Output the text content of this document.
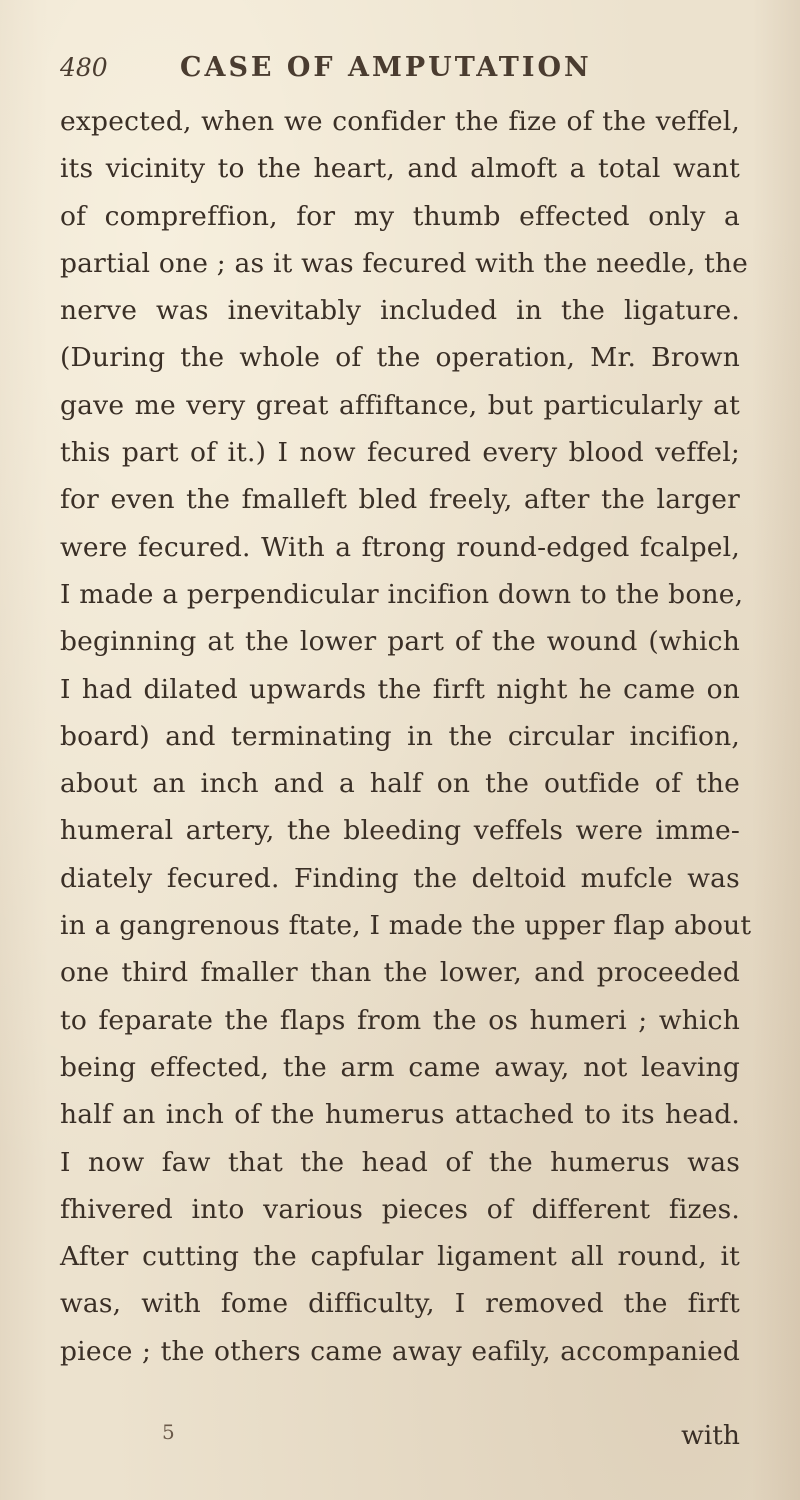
480	CASE OF AMPUTATION
expected, when we confider the fize of the veffel,
its vicinity to the heart, and almoft a total want
of compreffion, for my thumb effected only a
partial one ; as it was fecured with the needle, the
nerve was inevitably included in the ligature.
(During the whole of the operation, Mr. Brown
gave me very great affiftance, but particularly at
this part of it.) I now fecured every blood veffel;
for even the fmalleft bled freely, after the larger
were fecured. With a ftrong round-edged fcalpel,
I made a perpendicular incifion down to the bone,
beginning at the lower part of the wound (which
I had dilated upwards the firft night he came on
board) and terminating in the circular incifion,
about an inch and a half on the outfide of the
humeral artery, the bleeding veffels were imme-
diately fecured. Finding the deltoid mufcle was
in a gangrenous ftate, I made the upper flap about
one third fmaller than the lower, and proceeded
to feparate the flaps from the os humeri ; which
being effected, the arm came away, not leaving
half an inch of the humerus attached to its head.
I now faw that the head of the humerus was
fhivered into various pieces of different fizes.
After cutting the capfular ligament all round, it
was, with fome difficulty, I removed the firft
piece ; the others came away eafily, accompanied
5	with
